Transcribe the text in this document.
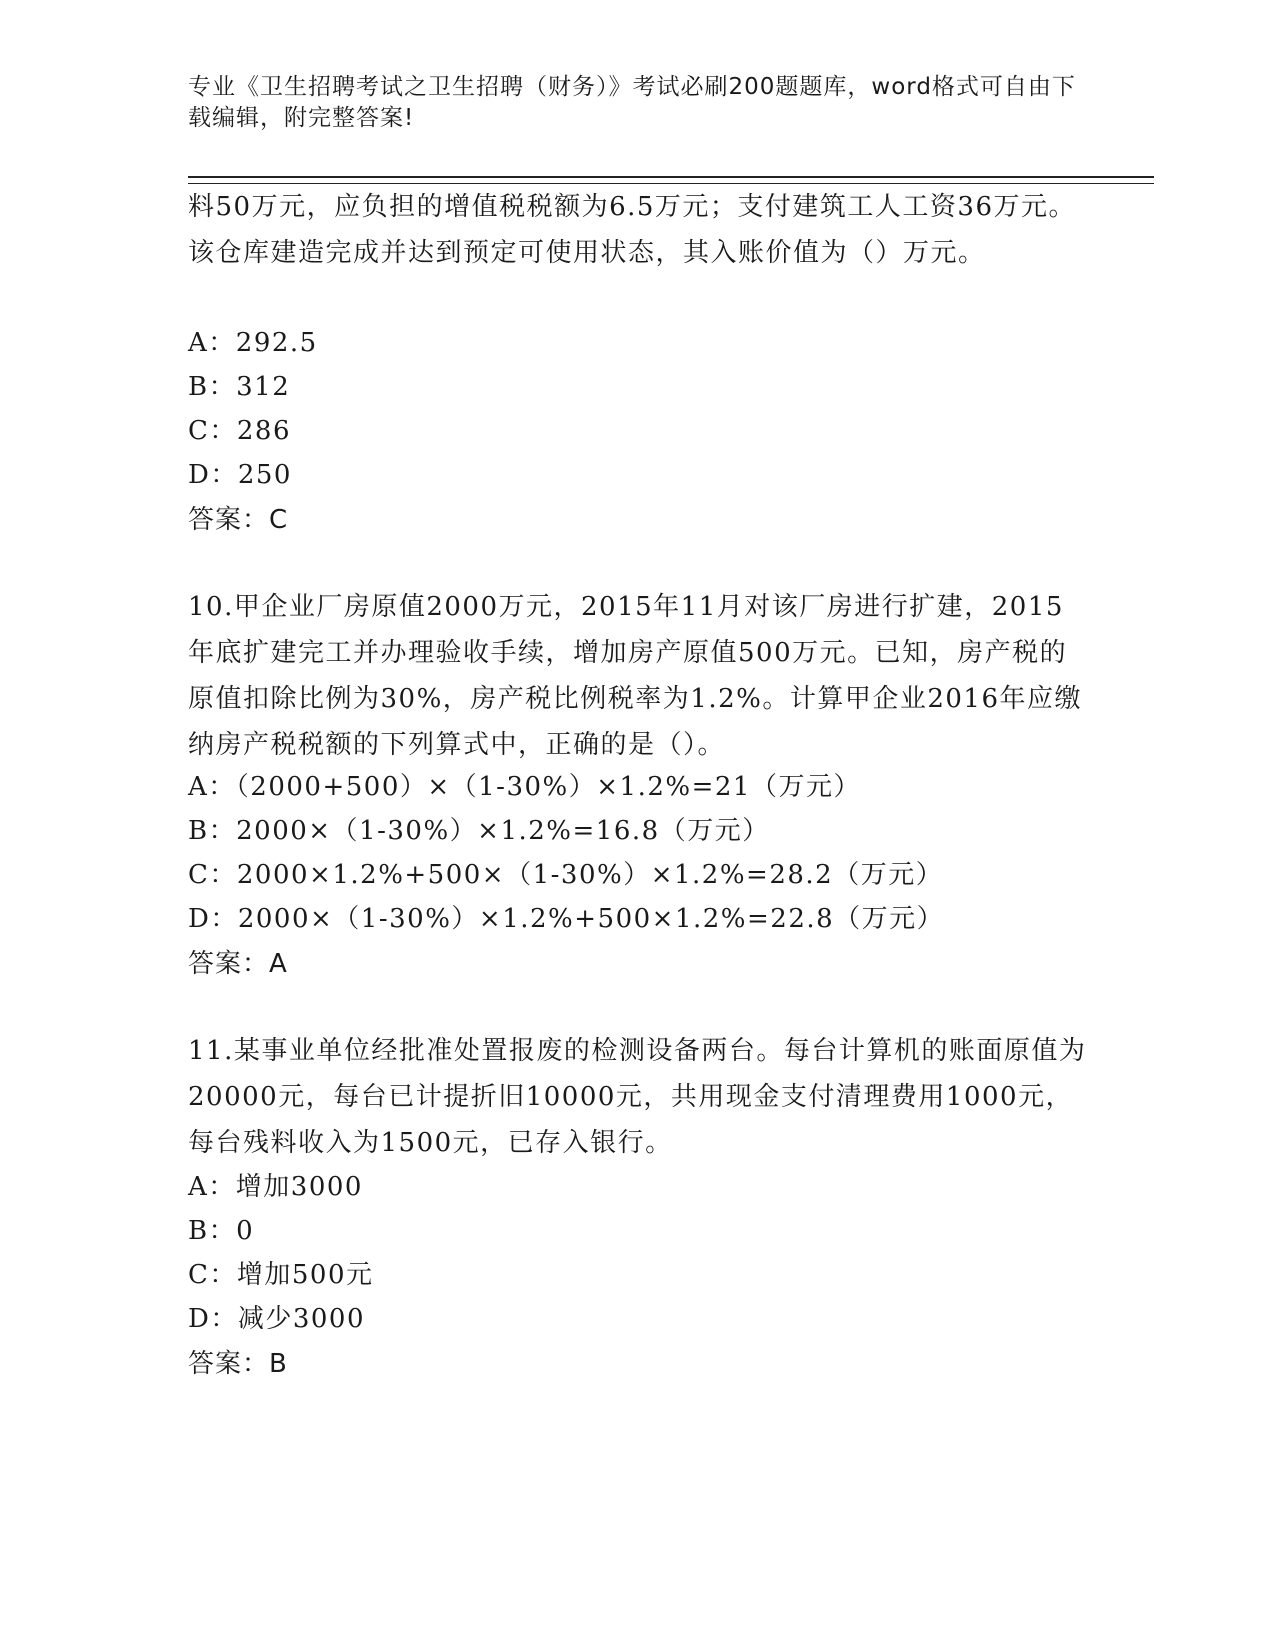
专业《卫生招聘考试之卫生招聘（财务）》考试必刷200题题库，word格式可自由下载编辑，附完整答案!
料50万元，应负担的增值税税额为6.5万元；支付建筑工人工资36万元。该仓库建造完成并达到预定可使用状态，其入账价值为（）万元。
A：292.5
B：312
C：286
D：250
答案：C
10.甲企业厂房原值2000万元，2015年11月对该厂房进行扩建，2015年底扩建完工并办理验收手续，增加房产原值500万元。已知，房产税的原值扣除比例为30%，房产税比例税率为1.2%。计算甲企业2016年应缴纳房产税税额的下列算式中，正确的是（）。
A：（2000+500）×（1-30%）×1.2%=21（万元）
B：2000×（1-30%）×1.2%=16.8（万元）
C：2000×1.2%+500×（1-30%）×1.2%=28.2（万元）
D：2000×（1-30%）×1.2%+500×1.2%=22.8（万元）
答案：A
11.某事业单位经批准处置报废的检测设备两台。每台计算机的账面原值为20000元，每台已计提折旧10000元，共用现金支付清理费用1000元，每台残料收入为1500元，已存入银行。
A：增加3000
B：0
C：增加500元
D：减少3000
答案：B
